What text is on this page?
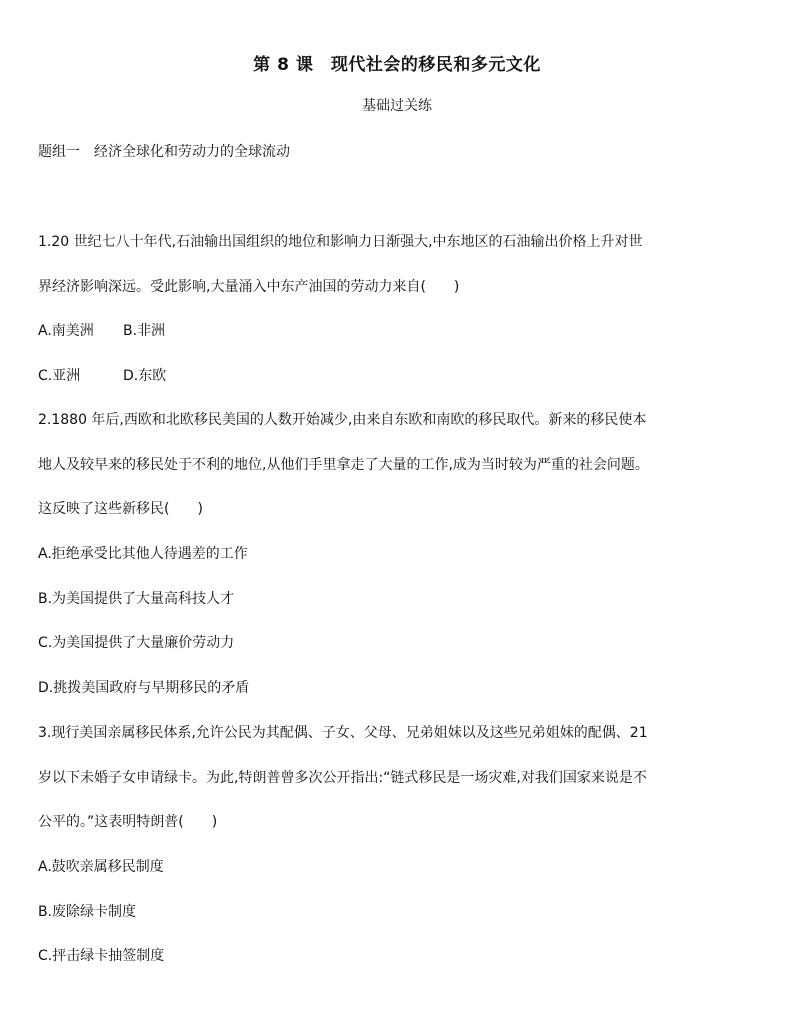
第 8 课　现代社会的移民和多元文化
基础过关练
题组一　经济全球化和劳动力的全球流动
1.20 世纪七八十年代,石油输出国组织的地位和影响力日渐强大,中东地区的石油输出价格上升对世
界经济影响深远。受此影响,大量涌入中东产油国的劳动力来自(　　)
A.南美洲 B.非洲
C.亚洲	D.东欧
2.1880 年后,西欧和北欧移民美国的人数开始减少,由来自东欧和南欧的移民取代。新来的移民使本
地人及较早来的移民处于不利的地位,从他们手里拿走了大量的工作,成为当时较为严重的社会问题。
这反映了这些新移民(　　)
A.拒绝承受比其他人待遇差的工作
B.为美国提供了大量高科技人才
C.为美国提供了大量廉价劳动力
D.挑拨美国政府与早期移民的矛盾
3.现行美国亲属移民体系,允许公民为其配偶、子女、父母、兄弟姐妹以及这些兄弟姐妹的配偶、21
岁以下未婚子女申请绿卡。为此,特朗普曾多次公开指出:“链式移民是一场灾难,对我们国家来说是不
公平的。”这表明特朗普(　　)
A.鼓吹亲属移民制度
B.废除绿卡制度
C.抨击绿卡抽签制度
